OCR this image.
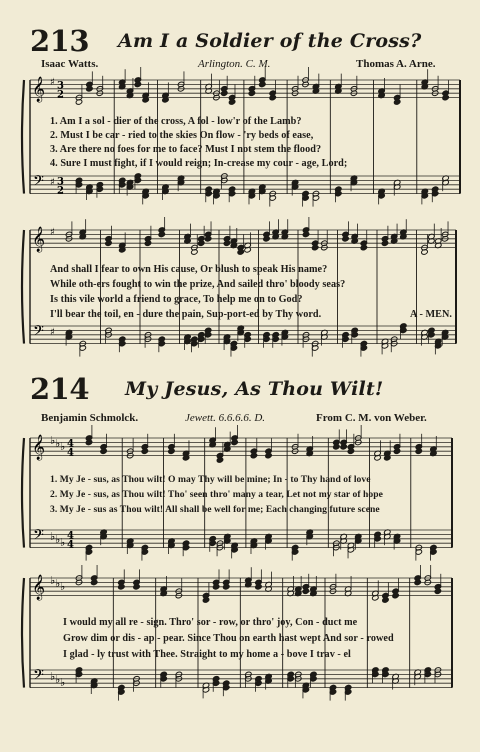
213 Am I a Soldier of the Cross?
Isaac Watts.	Arlington. C. M.	Thomas A. Arne.
𝄞
𝄢
♯
♯
3
2
3
2
1. Am I a sol - dier of the cross, A fol - low'r of the Lamb?
2. Must I be car - ried to the skies On flow - 'ry beds of ease,
3. Are there no foes for me to face? Must I not stem the flood?
4. Sure I must fight, if I would reign; In-crease my cour - age, Lord;
𝄞
𝄢
♯
♯
And shall I fear to own His cause, Or blush to speak His name?
While oth-ers fought to win the prize, And sailed thro' bloody seas?
Is this vile world a friend to grace, To help me on to God?
I'll bear the toil, en - dure the pain, Sup-port-ed by Thy word.	A - MEN.
214 My Jesus, As Thou Wilt!
Benjamin Schmolck.	Jewett. 6.6.6.6. D.	From C. M. von Weber.
𝄞
𝄢
♭
♭
♭
♭
♭
♭
4
4
4
4
1. My Je - sus, as Thou wilt! O may Thy will be mine; In - to Thy hand of love
2. My Je - sus, as Thou wilt! Tho' seen thro' many a tear, Let not my star of hope
3. My Je - sus as Thou wilt! All shall be well for me; Each changing future scene
𝄞
𝄢
♭
♭
♭
♭
♭
♭
I would my all re - sign. Thro' sor - row, or thro' joy, Con - duct me
Grow dim or dis - ap - pear. Since Thou on earth hast wept And sor - rowed
I glad - ly trust with Thee. Straight to my home a - bove I trav - el
